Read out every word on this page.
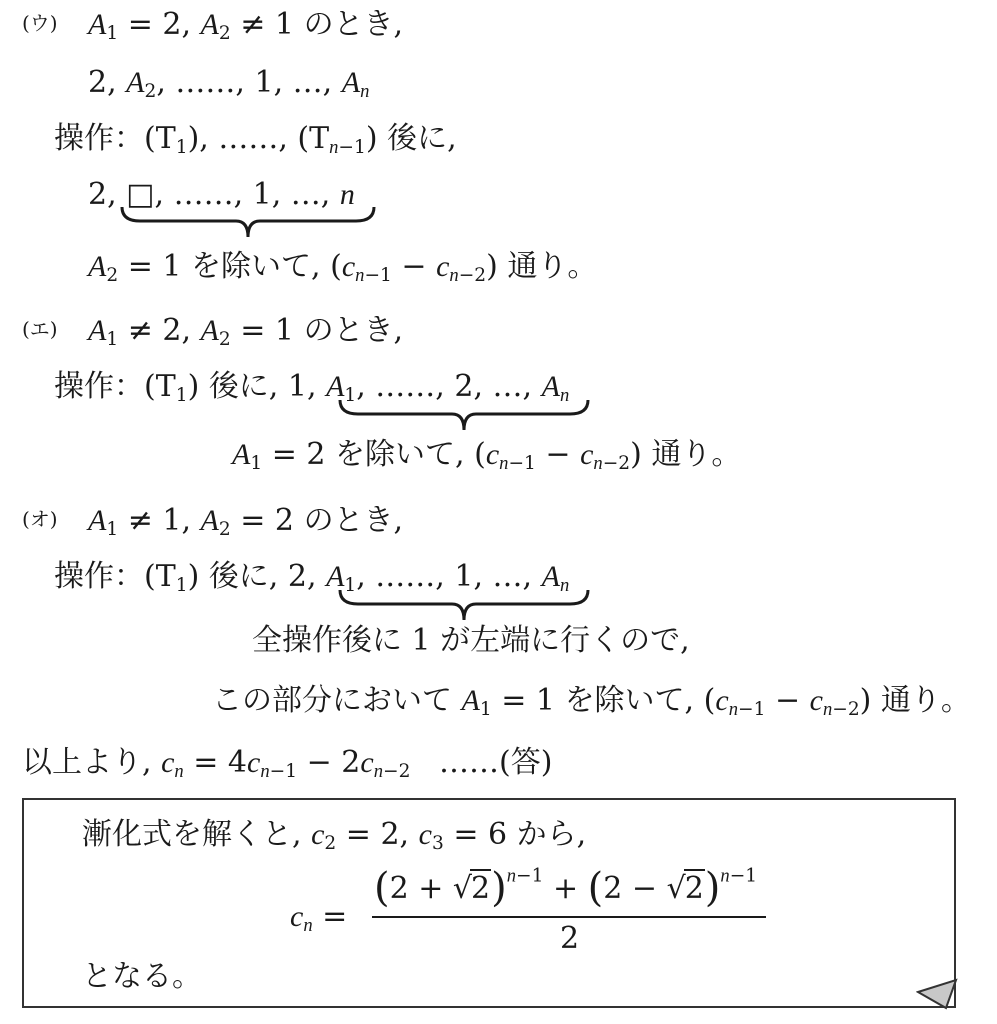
(ウ) $A_1 = 2$, $A_2 \ne 1$ のとき,
2, $A_2$, ……, 1, …, $A_n$
操作：$(T_1)$, ……, $(T_{n-1})$ 後に,
2, □, ……, 1, …, n
$A_2 = 1$ を除いて, $(c_{n-1} - c_{n-2})$ 通り。
(エ) $A_1 \ne 2$, $A_2 = 1$ のとき,
操作：$(T_1)$ 後に, 1, $A_1$, ……, 2, …, $A_n$
$A_1 = 2$ を除いて, $(c_{n-1} - c_{n-2})$ 通り。
(オ) $A_1 \ne 1$, $A_2 = 2$ のとき,
操作：$(T_1)$ 後に, 2, $A_1$, ……, 1, …, $A_n$
全操作後に 1 が左端に行くので,
この部分において $A_1 = 1$ を除いて, $(c_{n-1} - c_{n-2})$ 通り。
以上より, $c_n = 4c_{n-1} - 2c_{n-2}$ ……(答)
漸化式を解くと, $c_2 = 2$, $c_3 = 6$ から,
$c_n$ =
$(2 + √2)^{n-1} + (2 - √2)^{n-1}$
2
となる。
